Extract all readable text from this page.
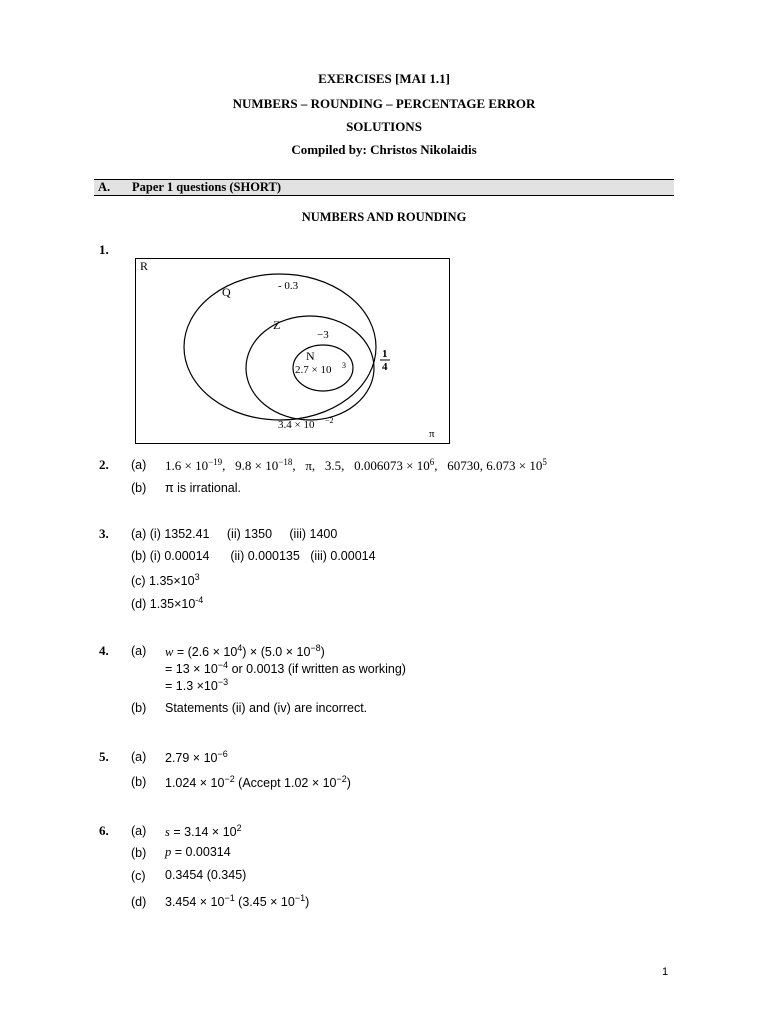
EXERCISES [MAI 1.1]
NUMBERS – ROUNDING – PERCENTAGE ERROR
SOLUTIONS
Compiled by: Christos Nikolaidis
A. Paper 1 questions (SHORT)
NUMBERS AND ROUNDING
1.
R
Q
Z
N
- 0.3
−3
1
4
π
2.7 × 10 3
3.4 × 10 −2
2. (a) $1.6 \times 10^{-19}$,   $9.8 \times 10^{-18}$,   π,   3.5,   $0.006073 \times 10^6$,   60730, $6.073 \times 10^5$
(b) π is irrational.
3. (a) (i) 1352.41     (ii) 1350     (iii) 1400
(b) (i) 0.00014      (ii) 0.000135   (iii) 0.00014
(c) $1.35\times 10^3$
(d) $1.35\times 10^{-4}$
4. (a) $w = (2.6 \times 10^4) \times (5.0 \times 10^{-8})$
= $13 \times 10^{-4}$ or 0.0013 (if written as working)
= $1.3 \times 10^{-3}$
(b) Statements (ii) and (iv) are incorrect.
5. (a) $2.79 \times 10^{-6}$
(b) $1.024 \times 10^{-2}$ (Accept $1.02 \times 10^{-2}$)
6. (a) $s = 3.14 \times 10^2$
(b) p = 0.00314
(c) 0.3454 (0.345)
(d) $3.454 \times 10^{-1}$ $(3.45 \times 10^{-1})$
1
